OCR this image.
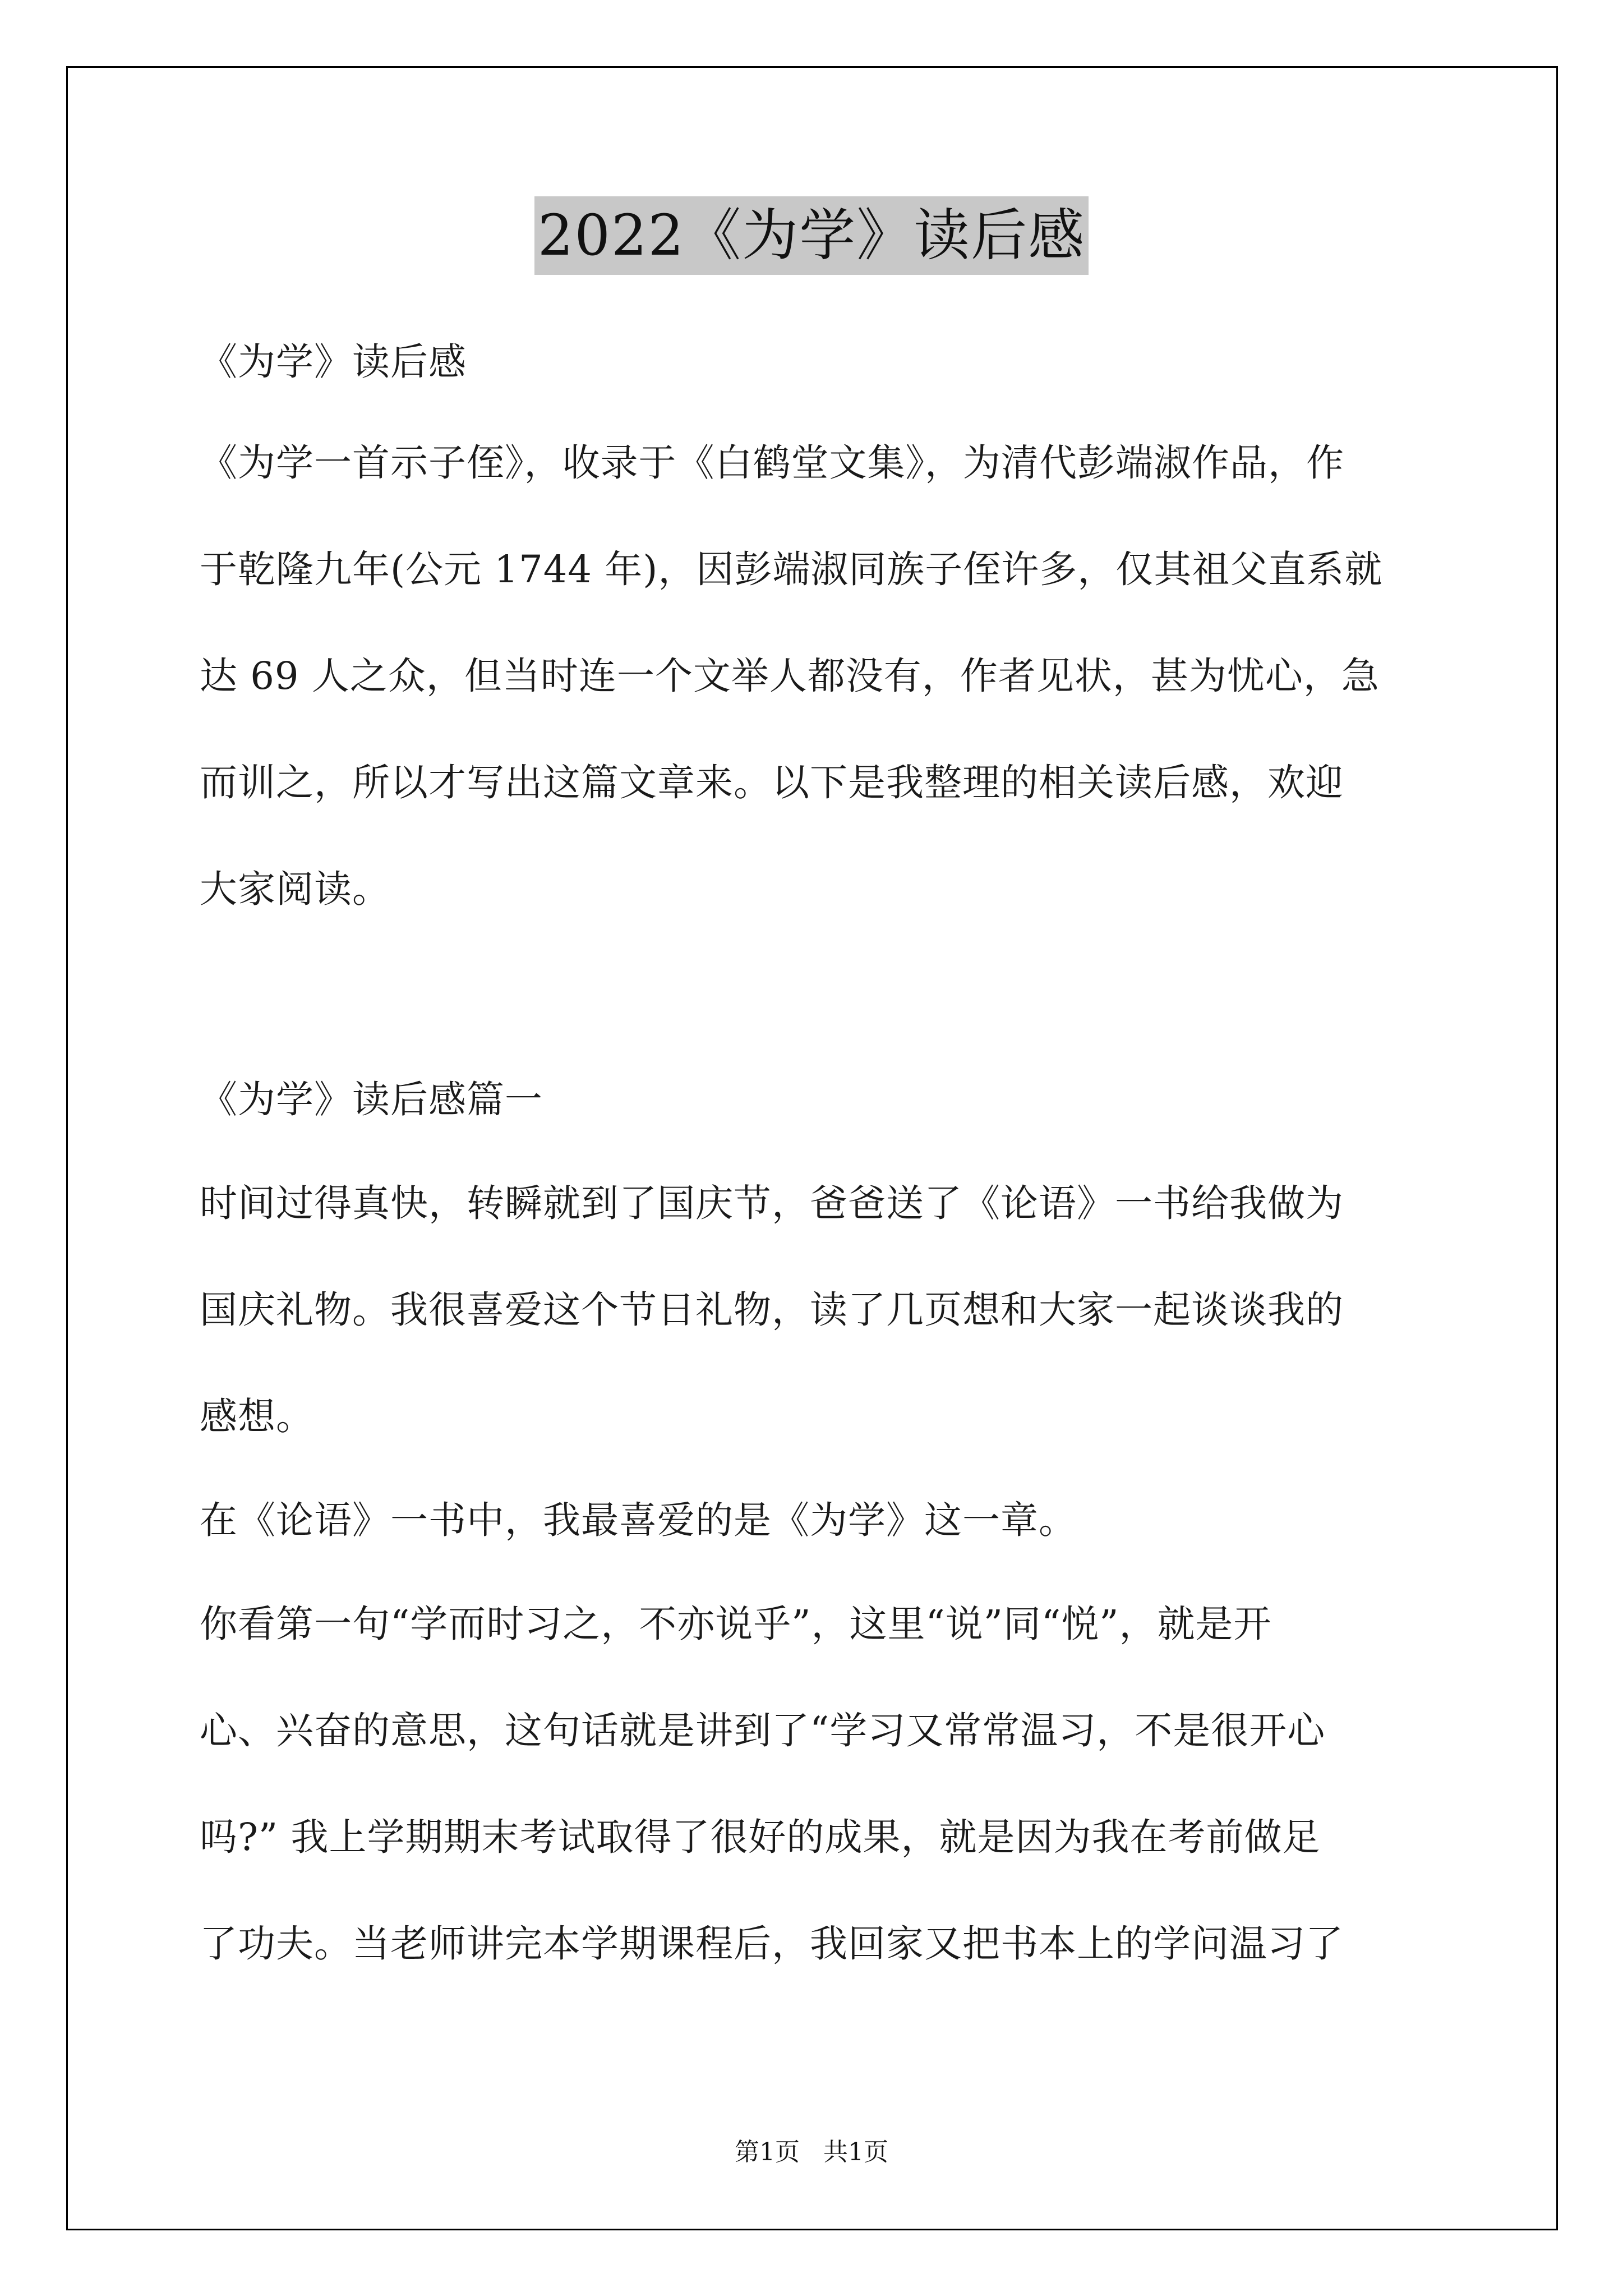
2022《为学》读后感
《为学》读后感
《为学一首示子侄》，收录于《白鹤堂文集》，为清代彭端淑作品，作
于乾隆九年(公元 1744 年)，因彭端淑同族子侄许多，仅其祖父直系就
达 69 人之众，但当时连一个文举人都没有，作者见状，甚为忧心，急
而训之，所以才写出这篇文章来。以下是我整理的相关读后感，欢迎
大家阅读。
《为学》读后感篇一
时间过得真快，转瞬就到了国庆节，爸爸送了《论语》一书给我做为
国庆礼物。我很喜爱这个节日礼物，读了几页想和大家一起谈谈我的
感想。
在《论语》一书中，我最喜爱的是《为学》这一章。
你看第一句“学而时习之，不亦说乎”，这里“说”同“悦”，就是开
心、兴奋的意思，这句话就是讲到了“学习又常常温习，不是很开心
吗?” 我上学期期末考试取得了很好的成果，就是因为我在考前做足
了功夫。当老师讲完本学期课程后，我回家又把书本上的学问温习了
第1页 共1页
